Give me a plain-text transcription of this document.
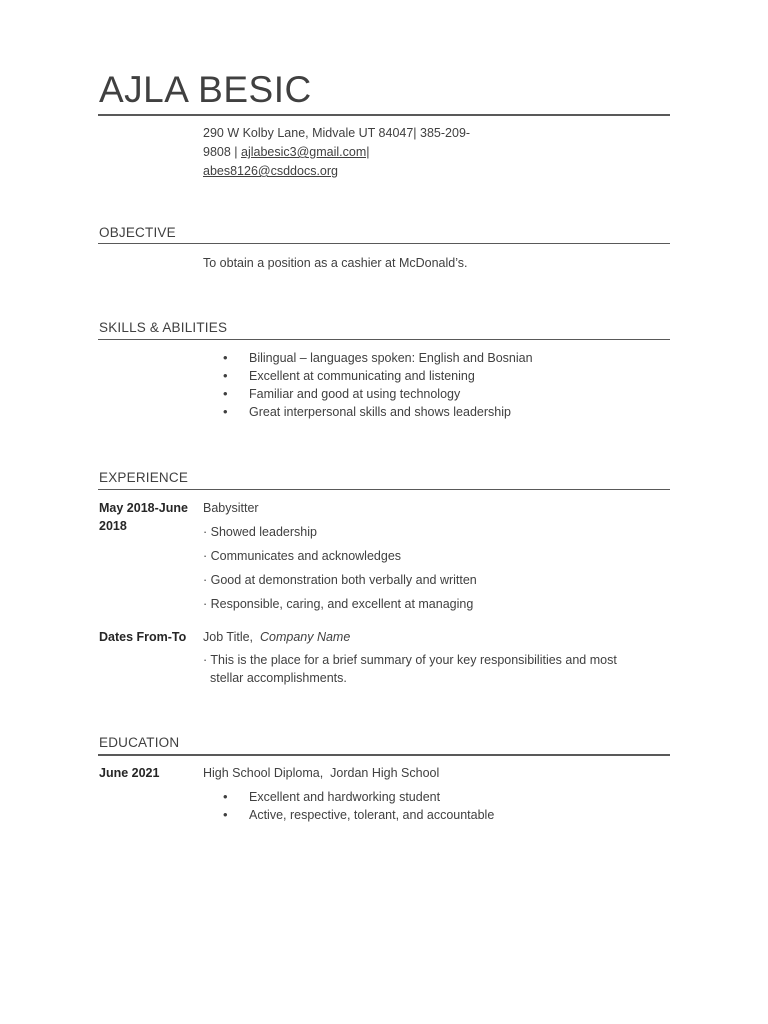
AJLA BESIC
290 W Kolby Lane, Midvale UT 84047| 385-209-
9808 | ajlabesic3@gmail.com| abes8126@csddocs.org
OBJECTIVE
To obtain a position as a cashier at McDonald’s.
SKILLS & ABILITIES
• Bilingual – languages spoken: English and Bosnian
• Excellent at communicating and listening
• Familiar and good at using technology
• Great interpersonal skills and shows leadership
EXPERIENCE
May 2018-June
2018
Babysitter
· Showed leadership
· Communicates and acknowledges
· Good at demonstration both verbally and written
· Responsible, caring, and excellent at managing
Dates From-To	Job Title, Company Name
· This is the place for a brief summary of your key responsibilities and most
stellar accomplishments.
EDUCATION
June 2021	High School Diploma, Jordan High School
• Excellent and hardworking student
• Active, respective, tolerant, and accountable
